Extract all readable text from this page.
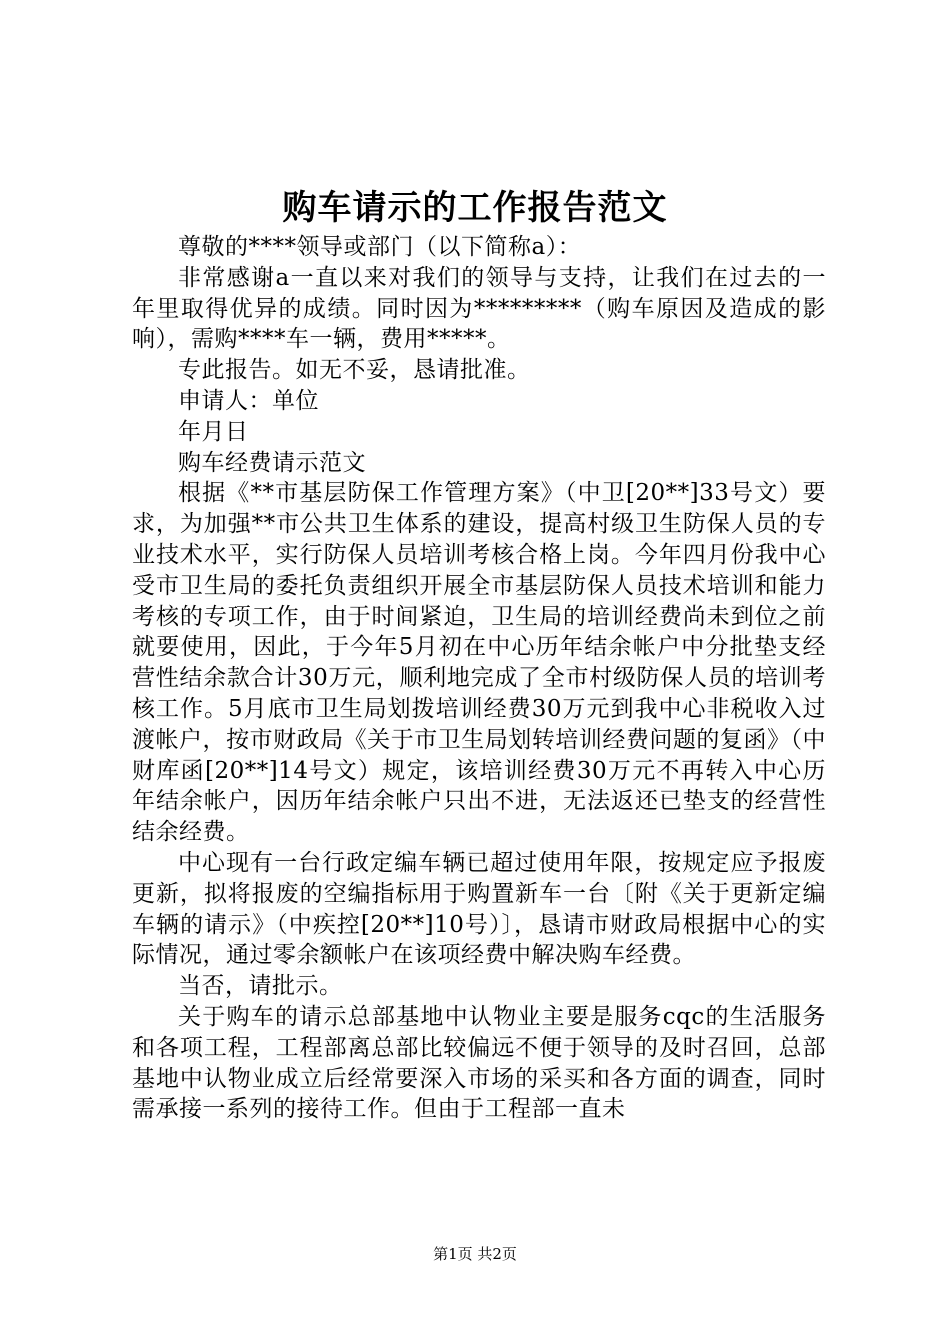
购车请示的工作报告范文

尊敬的****领导或部门（以下简称a）：

非常感谢a一直以来对我们的领导与支持，让我们在过去的一年里取得优异的成绩。同时因为*********（购车原因及造成的影响），需购****车一辆，费用*****。

专此报告。如无不妥，恳请批准。

申请人：单位

年月日

购车经费请示范文

根据《**市基层防保工作管理方案》（中卫[20**]33号文）要求，为加强**市公共卫生体系的建设，提高村级卫生防保人员的专业技术水平，实行防保人员培训考核合格上岗。今年四月份我中心受市卫生局的委托负责组织开展全市基层防保人员技术培训和能力考核的专项工作，由于时间紧迫，卫生局的培训经费尚未到位之前就要使用，因此，于今年5月初在中心历年结余帐户中分批垫支经营性结余款合计30万元，顺利地完成了全市村级防保人员的培训考核工作。5月底市卫生局划拨培训经费30万元到我中心非税收入过渡帐户，按市财政局《关于市卫生局划转培训经费问题的复函》（中财库函[20**]14号文）规定，该培训经费30万元不再转入中心历年结余帐户，因历年结余帐户只出不进，无法返还已垫支的经营性结余经费。

中心现有一台行政定编车辆已超过使用年限，按规定应予报废更新，拟将报废的空编指标用于购置新车一台〔附《关于更新定编车辆的请示》（中疾控[20**]10号）〕，恳请市财政局根据中心的实际情况，通过零余额帐户在该项经费中解决购车经费。

当否，请批示。

关于购车的请示总部基地中认物业主要是服务cqc的生活服务和各项工程，工程部离总部比较偏远不便于领导的及时召回，总部基地中认物业成立后经常要深入市场的采买和各方面的调查，同时需承接一系列的接待工作。但由于工程部一直未

第1页 共2页
